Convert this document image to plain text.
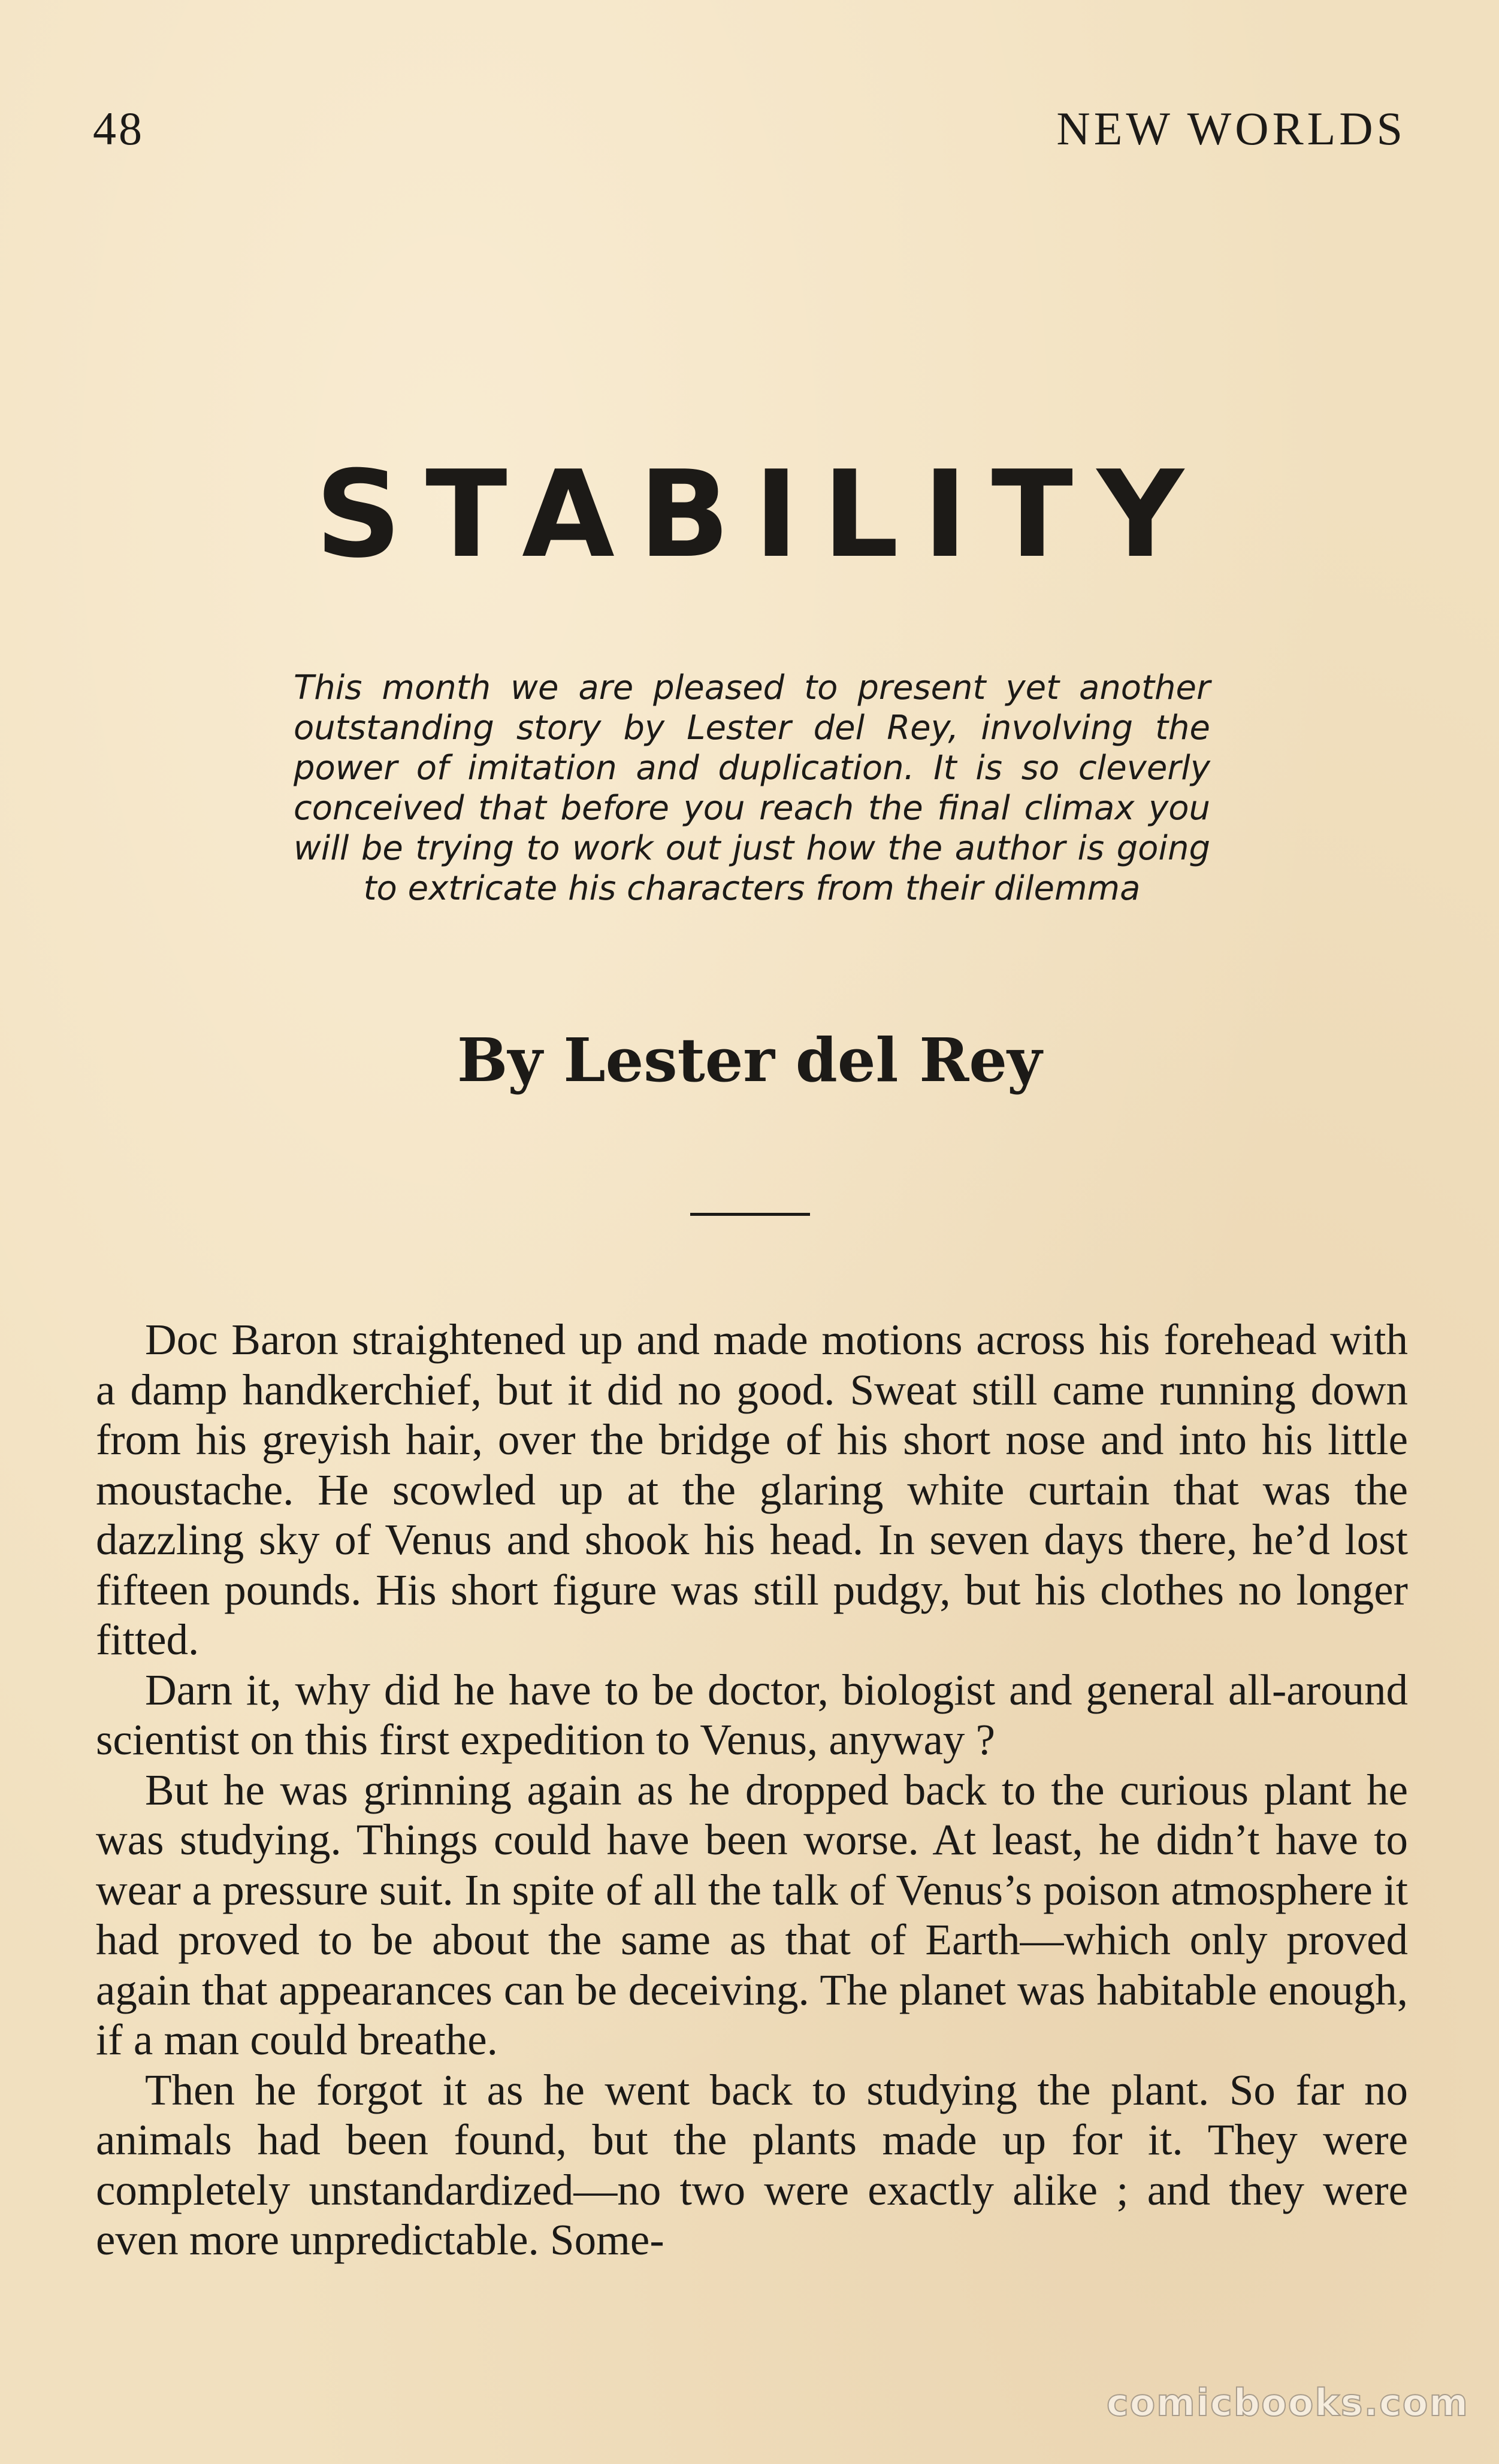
48	NEW WORLDS
STABILITY
This month we are pleased to present yet another outstanding story by Lester del Rey, involving the power of imitation and duplication. It is so cleverly conceived that before you reach the final climax you will be trying to work out just how the author is going to extricate his characters from their dilemma
By Lester del Rey

Doc Baron straightened up and made motions across his forehead with a damp handkerchief, but it did no good. Sweat still came running down from his greyish hair, over the bridge of his short nose and into his little moustache. He scowled up at the glaring white curtain that was the dazzling sky of Venus and shook his head. In seven days there, he’d lost fifteen pounds. His short figure was still pudgy, but his clothes no longer fitted.

Darn it, why did he have to be doctor, biologist and general all-around scientist on this first expedition to Venus, anyway ?

But he was grinning again as he dropped back to the curious plant he was studying. Things could have been worse. At least, he didn’t have to wear a pressure suit. In spite of all the talk of Venus’s poison atmosphere it had proved to be about the same as that of Earth—which only proved again that appearances can be deceiving. The planet was habitable enough, if a man could breathe.

Then he forgot it as he went back to studying the plant. So far no animals had been found, but the plants made up for it. They were completely unstandardized—no two were exactly alike ; and they were even more unpredictable. Some-

comicbooks.com
